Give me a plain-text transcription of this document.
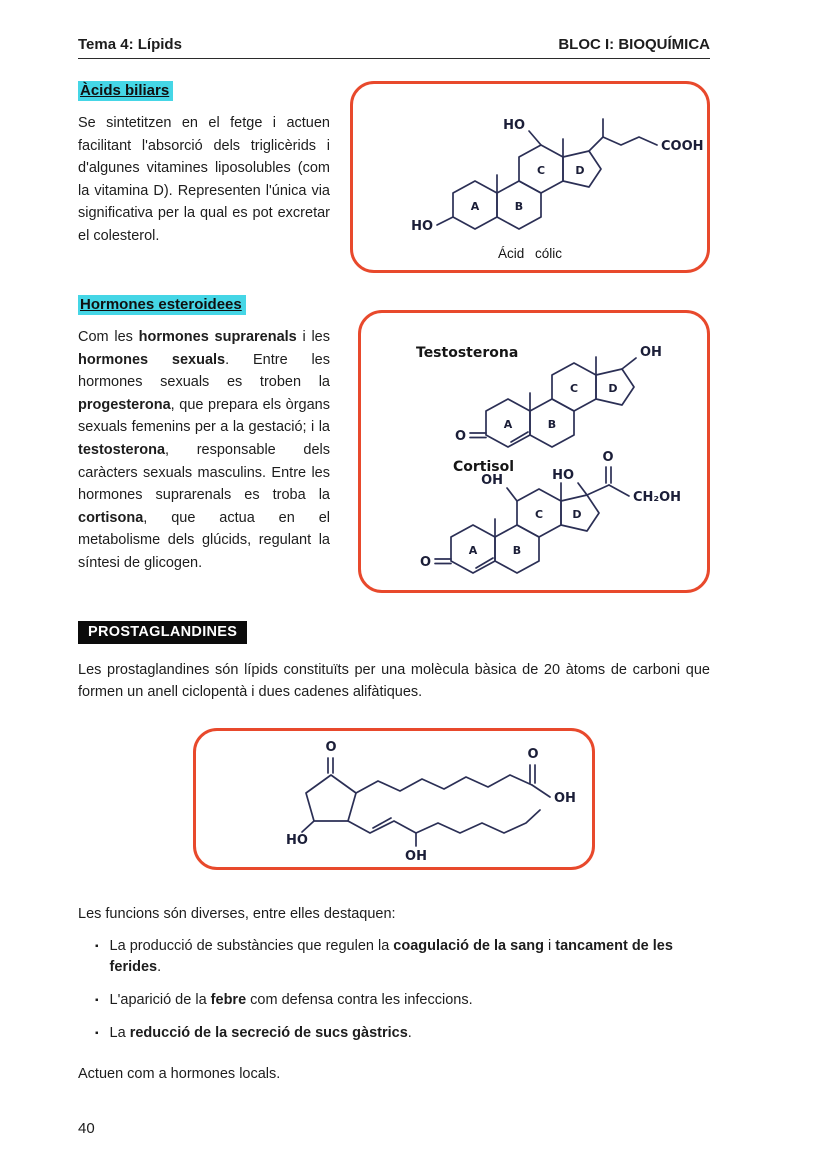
Tema 4: Lípids	BLOC I: BIOQUÍMICA
Àcids biliars

Se sintetitzen en el fetge i actuen facilitant l'absorció dels triglicèrids i d'algunes vitamines liposolubles (com la vitamina D). Representen l'única via significativa per la qual es pot excretar el colesterol.

HO
HO
COOH
A	B
C	D
Ácid cólic
Hormones esteroidees

Com les hormones suprarenals i les hormones sexuals. Entre les hormones sexuals es troben la progesterona, que prepara els òrgans sexuals femenins per a la gestació; i la testosterona, responsable dels caràcters sexuals masculins. Entre les hormones suprarenals es troba la cortisona, que actua en el metabolisme dels glúcids, regulant la síntesi de glicogen.

Testosterona	OH
O
A	B
C	D
Cortisol
OH	HO
O
CH₂OH
O
A	B
C	D
PROSTAGLANDINES

Les prostaglandines són lípids constituïts per una molècula bàsica de 20 àtoms de carboni que formen un anell ciclopentà i dues cadenes alifàtiques.

O	O
OH
HO
OH

Les funcions són diverses, entre elles destaquen:

▪ La producció de substàncies que regulen la coagulació de la sang i tancament de les ferides.
▪ L'aparició de la febre com defensa contra les infeccions.
▪ La reducció de la secreció de sucs gàstrics.

Actuen com a hormones locals.

40
